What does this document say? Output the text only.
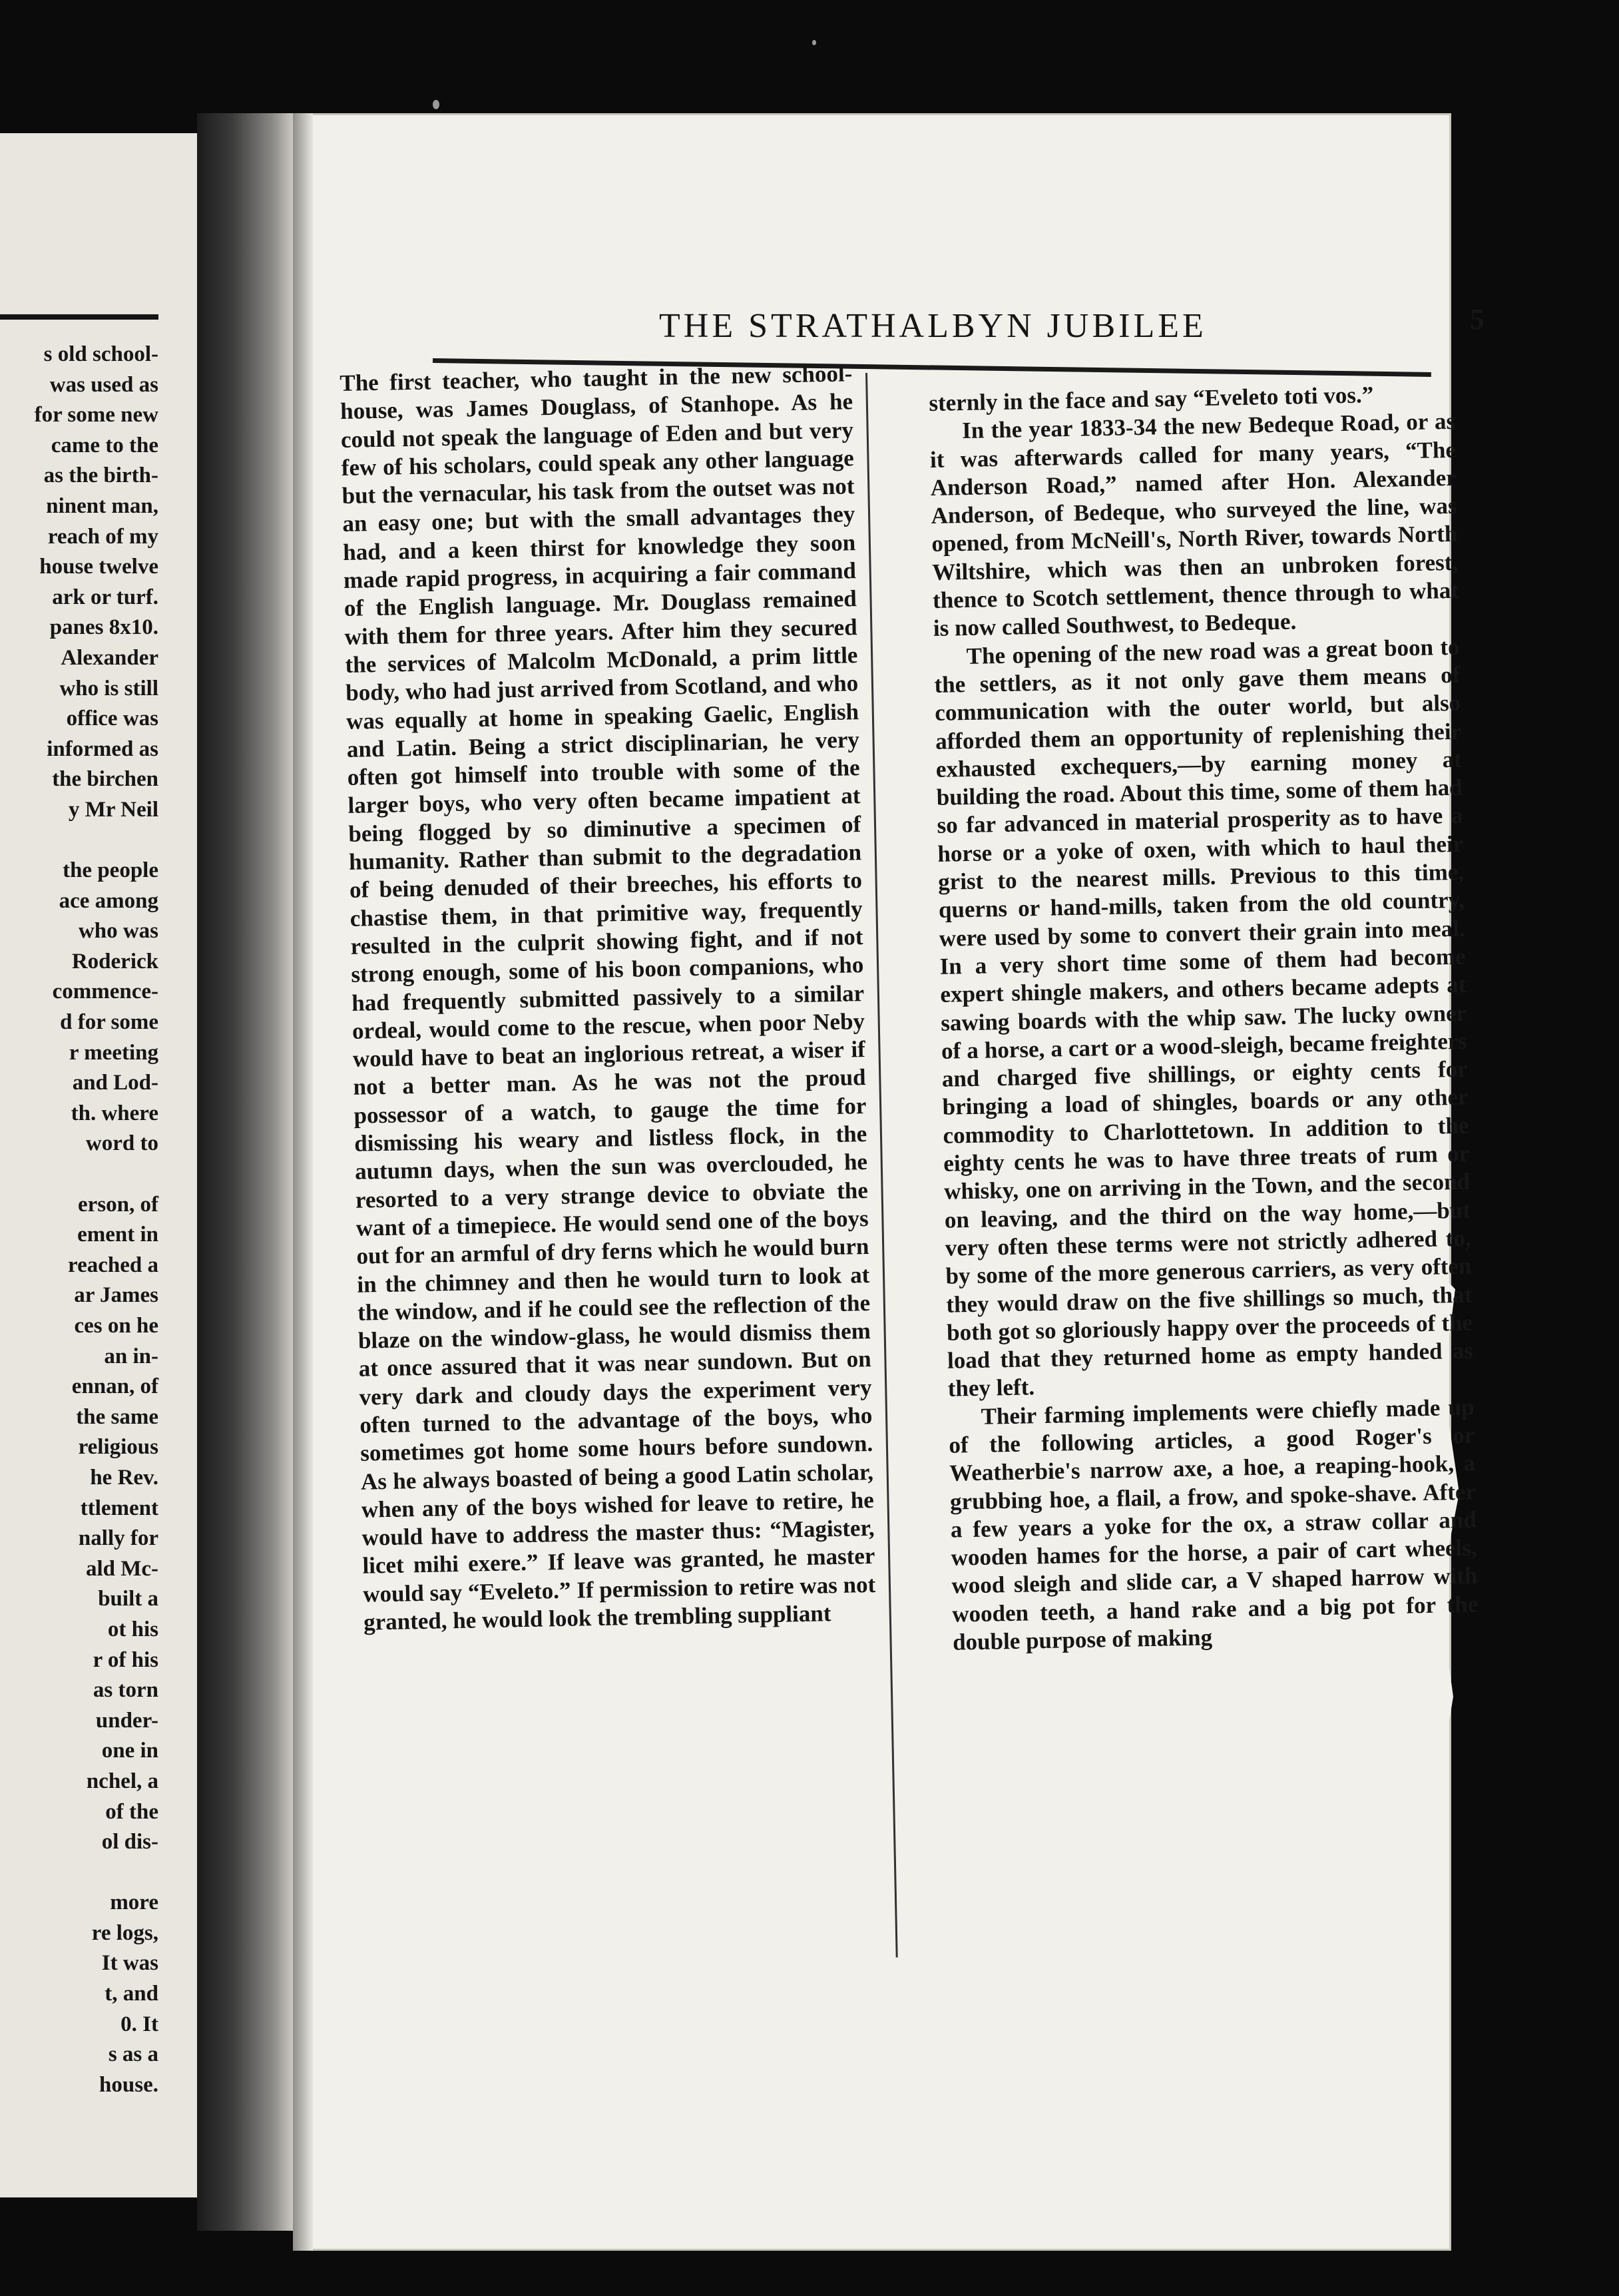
s old school-
was used as
for some new
came to the
as the birth-
ninent man,
reach of my
house twelve
ark or turf.
panes 8x10.
Alexander
who is still
office was
informed as
the birchen
y Mr Neil

the people
ace among
who was
Roderick
commence-
d for some
r meeting
and Lod-
th. where
word to

erson, of
ement in
reached a
ar James
ces on he
an in-
ennan, of
the same
religious
he Rev.
ttlement
nally for
ald Mc-
built a
ot his
r of his
as torn
under-
one in
nchel, a
of the
ol dis-

more
re logs,
It was
t, and
0. It
s as a
house.
THE STRATHALBYN JUBILEE	5

The first teacher, who taught in the new school-house, was James Douglass, of Stanhope. As he could not speak the language of Eden and but very few of his scholars, could speak any other language but the vernacular, his task from the outset was not an easy one; but with the small advantages they had, and a keen thirst for knowledge they soon made rapid progress, in acquiring a fair command of the English language. Mr. Douglass remained with them for three years. After him they secured the services of Malcolm McDonald, a prim little body, who had just arrived from Scotland, and who was equally at home in speaking Gaelic, English and Latin. Being a strict disciplinarian, he very often got himself into trouble with some of the larger boys, who very often became impatient at being flogged by so diminutive a specimen of humanity. Rather than submit to the degradation of being denuded of their breeches, his efforts to chastise them, in that primitive way, frequently resulted in the culprit showing fight, and if not strong enough, some of his boon companions, who had frequently submitted passively to a similar ordeal, would come to the rescue, when poor Neby would have to beat an inglorious retreat, a wiser if not a better man. As he was not the proud possessor of a watch, to gauge the time for dismissing his weary and listless flock, in the autumn days, when the sun was overclouded, he resorted to a very strange device to obviate the want of a timepiece. He would send one of the boys out for an armful of dry ferns which he would burn in the chimney and then he would turn to look at the window, and if he could see the reflection of the blaze on the window-glass, he would dismiss them at once assured that it was near sundown. But on very dark and cloudy days the experiment very often turned to the advantage of the boys, who sometimes got home some hours before sundown. As he always boasted of being a good Latin scholar, when any of the boys wished for leave to retire, he would have to address the master thus: “Magister, licet mihi exere.” If leave was granted, he master would say “Eveleto.” If permission to retire was not granted, he would look the trembling suppliant

sternly in the face and say “Eveleto toti vos.”

In the year 1833-34 the new Bedeque Road, or as it was afterwards called for many years, “The Anderson Road,” named after Hon. Alexander Anderson, of Bedeque, who surveyed the line, was opened, from McNeill's, North River, towards North Wiltshire, which was then an unbroken forest, thence to Scotch settlement, thence through to what is now called Southwest, to Bedeque.

The opening of the new road was a great boon to the settlers, as it not only gave them means of communication with the outer world, but also afforded them an opportunity of replenishing their exhausted exchequers,—by earning money at building the road. About this time, some of them had so far advanced in material prosperity as to have a horse or a yoke of oxen, with which to haul their grist to the nearest mills. Previous to this time, querns or hand-mills, taken from the old country, were used by some to convert their grain into meal. In a very short time some of them had become expert shingle makers, and others became adepts at sawing boards with the whip saw. The lucky owner of a horse, a cart or a wood-sleigh, became freighters and charged five shillings, or eighty cents for bringing a load of shingles, boards or any other commodity to Charlottetown. In addition to the eighty cents he was to have three treats of rum or whisky, one on arriving in the Town, and the second on leaving, and the third on the way home,—but very often these terms were not strictly adhered to, by some of the more generous carriers, as very often they would draw on the five shillings so much, that both got so gloriously happy over the proceeds of the load that they returned home as empty handed as they left.

Their farming implements were chiefly made up of the following articles, a good Roger's or Weatherbie's narrow axe, a hoe, a reaping-hook, a grubbing hoe, a flail, a frow, and spoke-shave. After a few years a yoke for the ox, a straw collar and wooden hames for the horse, a pair of cart wheels, wood sleigh and slide car, a V shaped harrow with wooden teeth, a hand rake and a big pot for the double purpose of making
